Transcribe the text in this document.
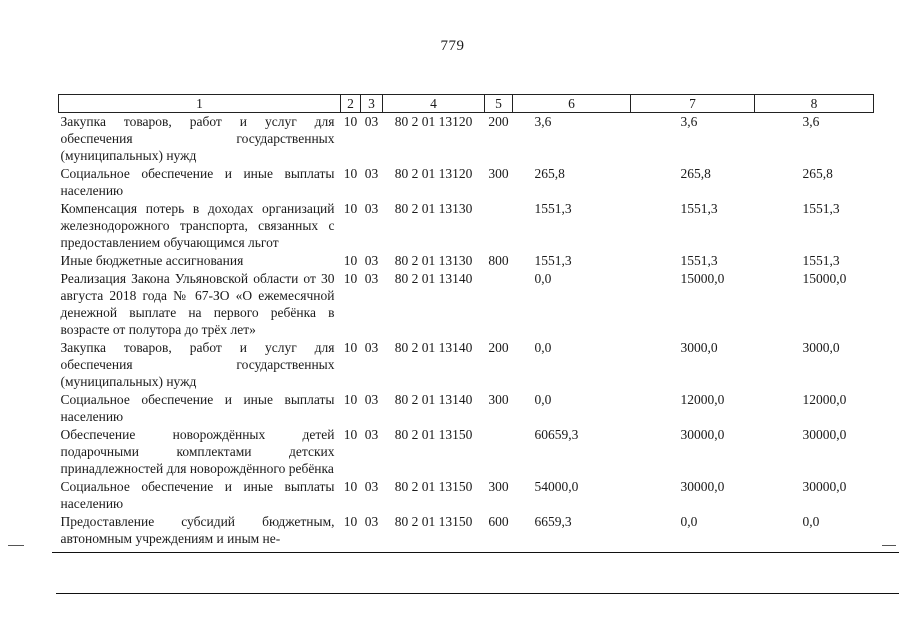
779
1	2	3	4	5	6	7	8
Закупка товаров, работ и услуг для обеспечения государственных (муниципальных) нужд	10	03	80 2 01 13120	200	3,6	3,6	3,6
Социальное обеспечение и иные выплаты населению	10	03	80 2 01 13120	300	265,8	265,8	265,8
Компенсация потерь в доходах организаций железнодорожного транспорта, связанных с предоставлением обучающимся льгот	10	03	80 2 01 13130		1551,3	1551,3	1551,3
Иные бюджетные ассигнования	10	03	80 2 01 13130	800	1551,3	1551,3	1551,3
Реализация Закона Ульяновской области от 30 августа 2018 года № 67-ЗО «О ежемесячной денежной выплате на первого ребёнка в возрасте от полутора до трёх лет»	10	03	80 2 01 13140		0,0	15000,0	15000,0
Закупка товаров, работ и услуг для обеспечения государственных (муниципальных) нужд	10	03	80 2 01 13140	200	0,0	3000,0	3000,0
Социальное обеспечение и иные выплаты населению	10	03	80 2 01 13140	300	0,0	12000,0	12000,0
Обеспечение новорождённых детей подарочными комплектами детских принадлежностей для новорождённого ребёнка	10	03	80 2 01 13150		60659,3	30000,0	30000,0
Социальное обеспечение и иные выплаты населению	10	03	80 2 01 13150	300	54000,0	30000,0	30000,0
Предоставление субсидий бюджетным, автономным учреждениям и иным не-	10	03	80 2 01 13150	600	6659,3	0,0	0,0
